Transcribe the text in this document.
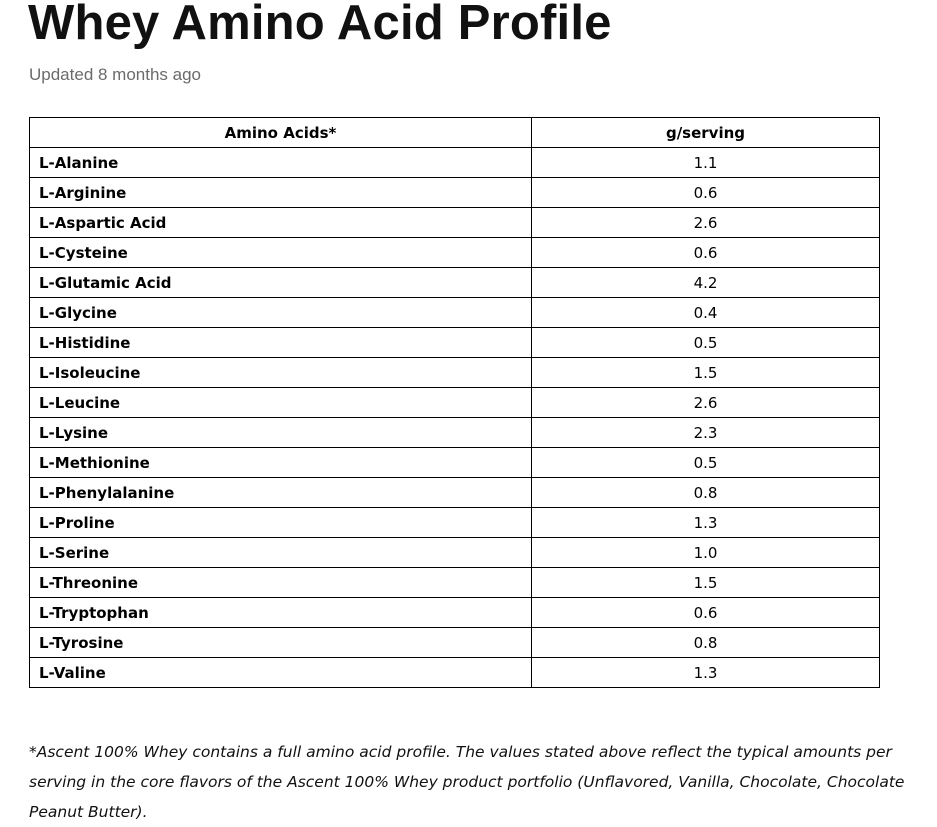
Whey Amino Acid Profile
Updated 8 months ago
Amino Acids*	g/serving
L-Alanine	1.1
L-Arginine	0.6
L-Aspartic Acid	2.6
L-Cysteine	0.6
L-Glutamic Acid	4.2
L-Glycine	0.4
L-Histidine	0.5
L-Isoleucine	1.5
L-Leucine	2.6
L-Lysine	2.3
L-Methionine	0.5
L-Phenylalanine	0.8
L-Proline	1.3
L-Serine	1.0
L-Threonine	1.5
L-Tryptophan	0.6
L-Tyrosine	0.8
L-Valine	1.3

*Ascent 100% Whey contains a full amino acid profile. The values stated above reflect the typical amounts per serving in the core flavors of the Ascent 100% Whey product portfolio (Unflavored, Vanilla, Chocolate, Chocolate Peanut Butter).
